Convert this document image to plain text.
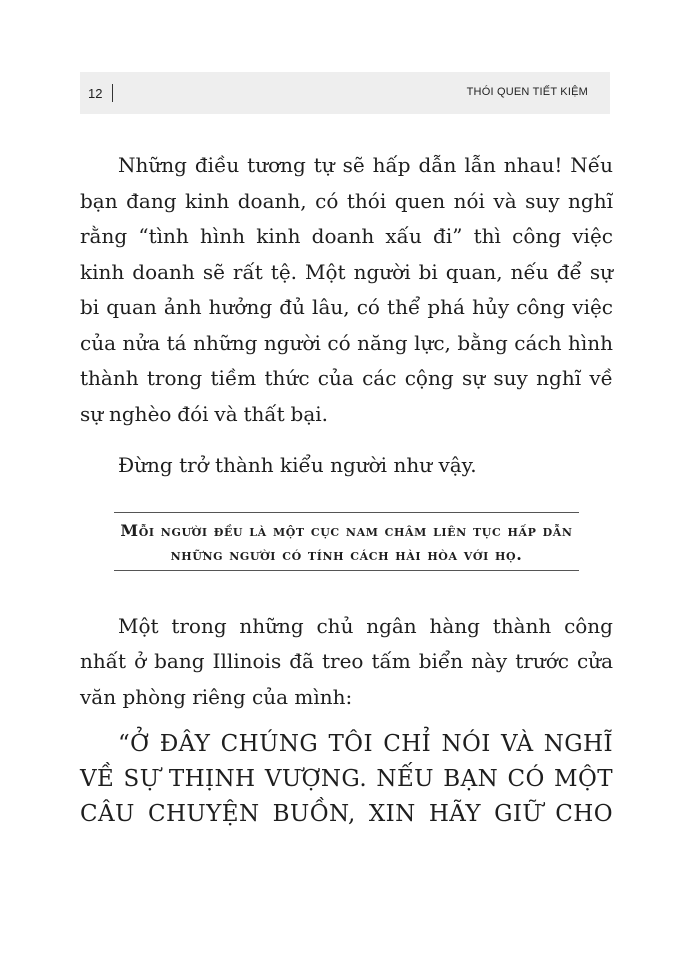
12	THÓI QUEN TIẾT KIỆM

Những điều tương tự sẽ hấp dẫn lẫn nhau! Nếu bạn đang kinh doanh, có thói quen nói và suy nghĩ rằng “tình hình kinh doanh xấu đi” thì công việc kinh doanh sẽ rất tệ. Một người bi quan, nếu để sự bi quan ảnh hưởng đủ lâu, có thể phá hủy công việc của nửa tá những người có năng lực, bằng cách hình thành trong tiềm thức của các cộng sự suy nghĩ về sự nghèo đói và thất bại.

Đừng trở thành kiểu người như vậy.

Mỗi người đều là một cục nam châm liên tục hấp dẫn những người có tính cách hài hòa với họ.

Một trong những chủ ngân hàng thành công nhất ở bang Illinois đã treo tấm biển này trước cửa văn phòng riêng của mình:

“Ở ĐÂY CHÚNG TÔI CHỈ NÓI VÀ NGHĨ VỀ SỰ THỊNH VƯỢNG. NẾU BẠN CÓ MỘT CÂU CHUYỆN BUỒN, XIN HÃY GIỮ CHO
